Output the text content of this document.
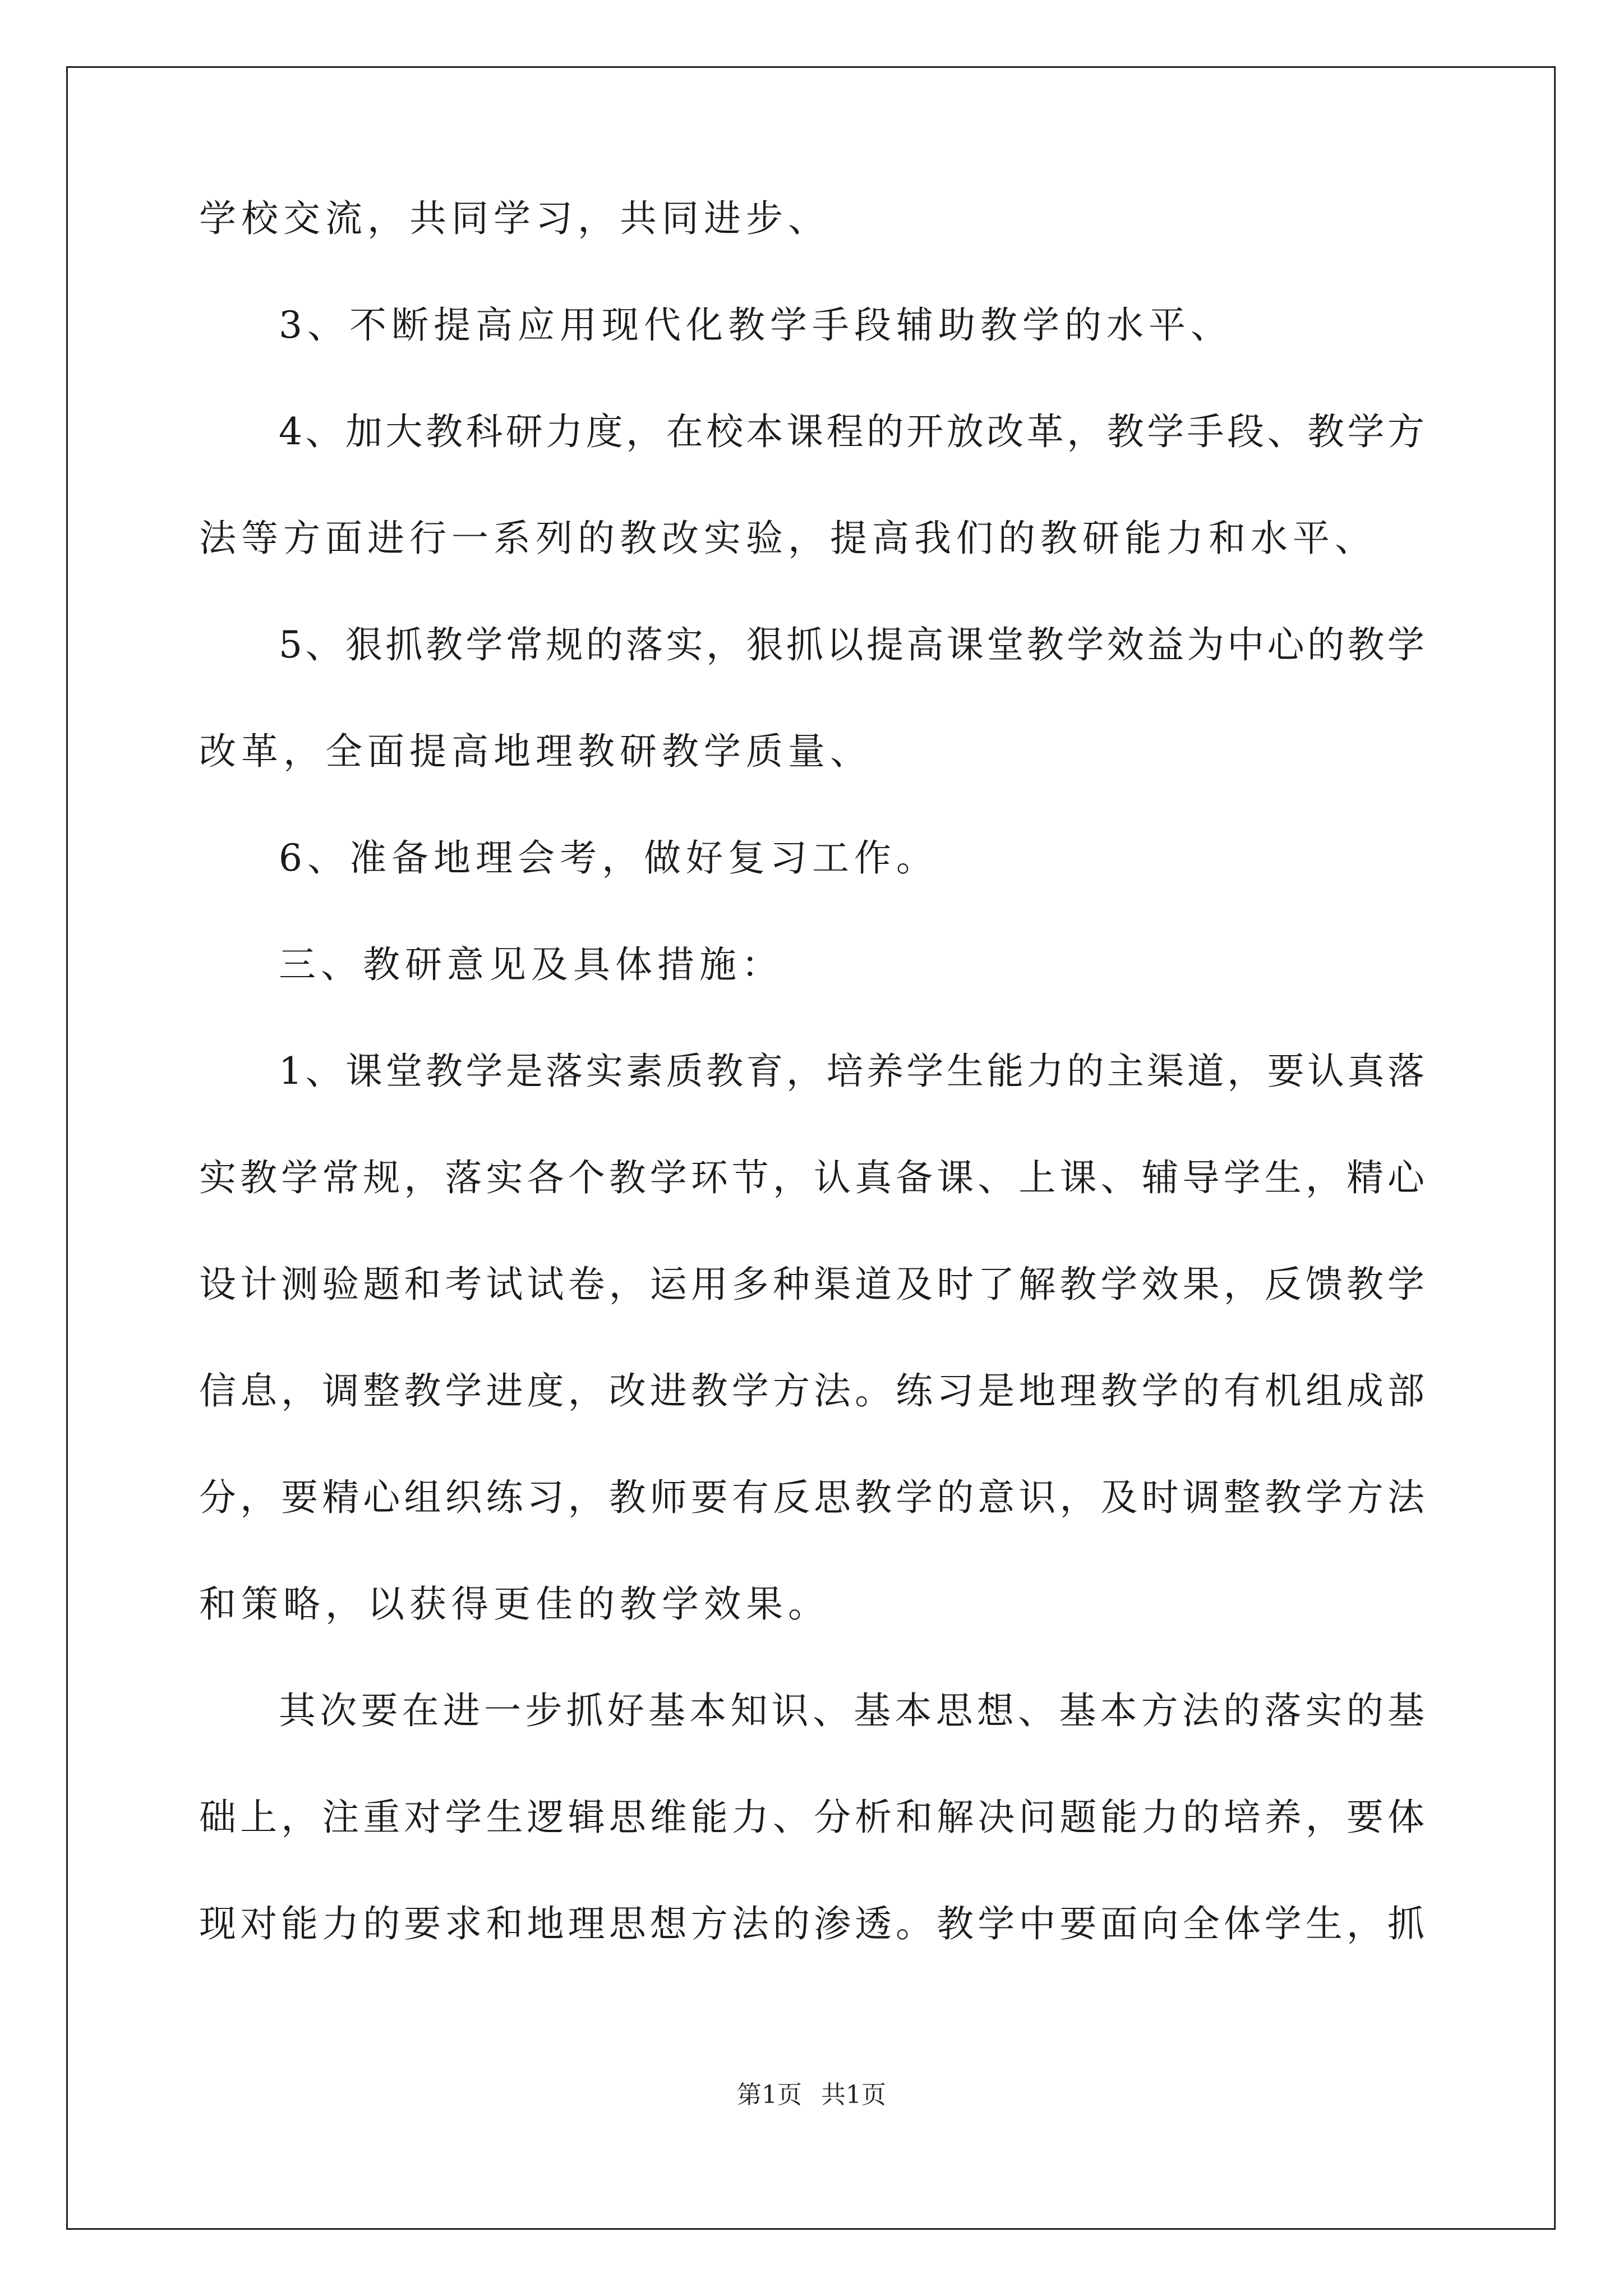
学校交流，共同学习，共同进步、
3、不断提高应用现代化教学手段辅助教学的水平、
4、加大教科研力度，在校本课程的开放改革，教学手段、教学方
法等方面进行一系列的教改实验，提高我们的教研能力和水平、
5、狠抓教学常规的落实，狠抓以提高课堂教学效益为中心的教学
改革，全面提高地理教研教学质量、
6、准备地理会考，做好复习工作。
三、教研意见及具体措施：
1、课堂教学是落实素质教育，培养学生能力的主渠道，要认真落
实教学常规，落实各个教学环节，认真备课、上课、辅导学生，精心
设计测验题和考试试卷，运用多种渠道及时了解教学效果，反馈教学
信息，调整教学进度，改进教学方法。练习是地理教学的有机组成部
分，要精心组织练习，教师要有反思教学的意识，及时调整教学方法
和策略，以获得更佳的教学效果。
其次要在进一步抓好基本知识、基本思想、基本方法的落实的基
础上，注重对学生逻辑思维能力、分析和解决问题能力的培养，要体
现对能力的要求和地理思想方法的渗透。教学中要面向全体学生，抓
第1页 共1页
